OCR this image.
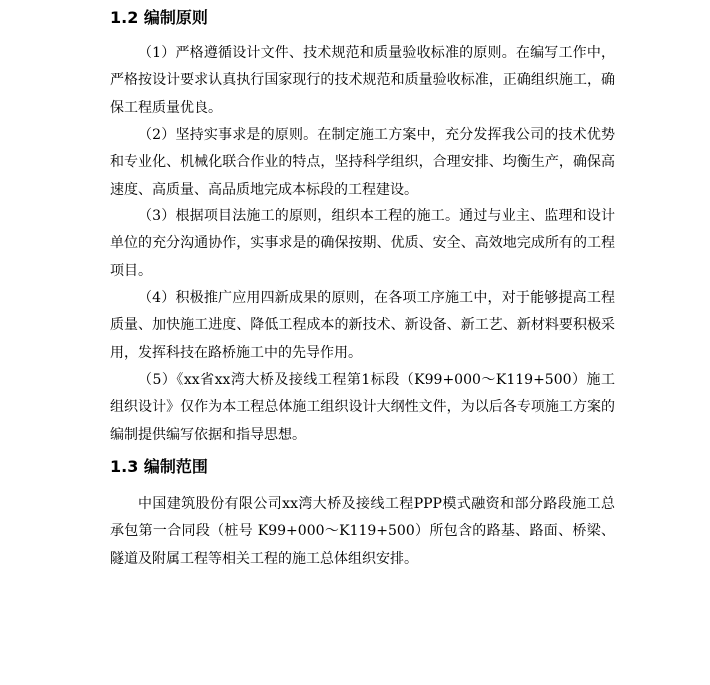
1.2 编制原则

（1）严格遵循设计文件、技术规范和质量验收标准的原则。在编写工作中，严格按设计要求认真执行国家现行的技术规范和质量验收标准，正确组织施工，确保工程质量优良。

（2）坚持实事求是的原则。在制定施工方案中，充分发挥我公司的技术优势和专业化、机械化联合作业的特点，坚持科学组织，合理安排、均衡生产，确保高速度、高质量、高品质地完成本标段的工程建设。

（3）根据项目法施工的原则，组织本工程的施工。通过与业主、监理和设计单位的充分沟通协作，实事求是的确保按期、优质、安全、高效地完成所有的工程项目。

（4）积极推广应用四新成果的原则，在各项工序施工中，对于能够提高工程质量、加快施工进度、降低工程成本的新技术、新设备、新工艺、新材料要积极采用，发挥科技在路桥施工中的先导作用。

（5）《xx省xx湾大桥及接线工程第1标段（K99+000～K119+500）施工组织设计》仅作为本工程总体施工组织设计大纲性文件，为以后各专项施工方案的编制提供编写依据和指导思想。

1.3 编制范围

中国建筑股份有限公司xx湾大桥及接线工程PPP模式融资和部分路段施工总承包第一合同段（桩号 K99+000～K119+500）所包含的路基、路面、桥梁、隧道及附属工程等相关工程的施工总体组织安排。
